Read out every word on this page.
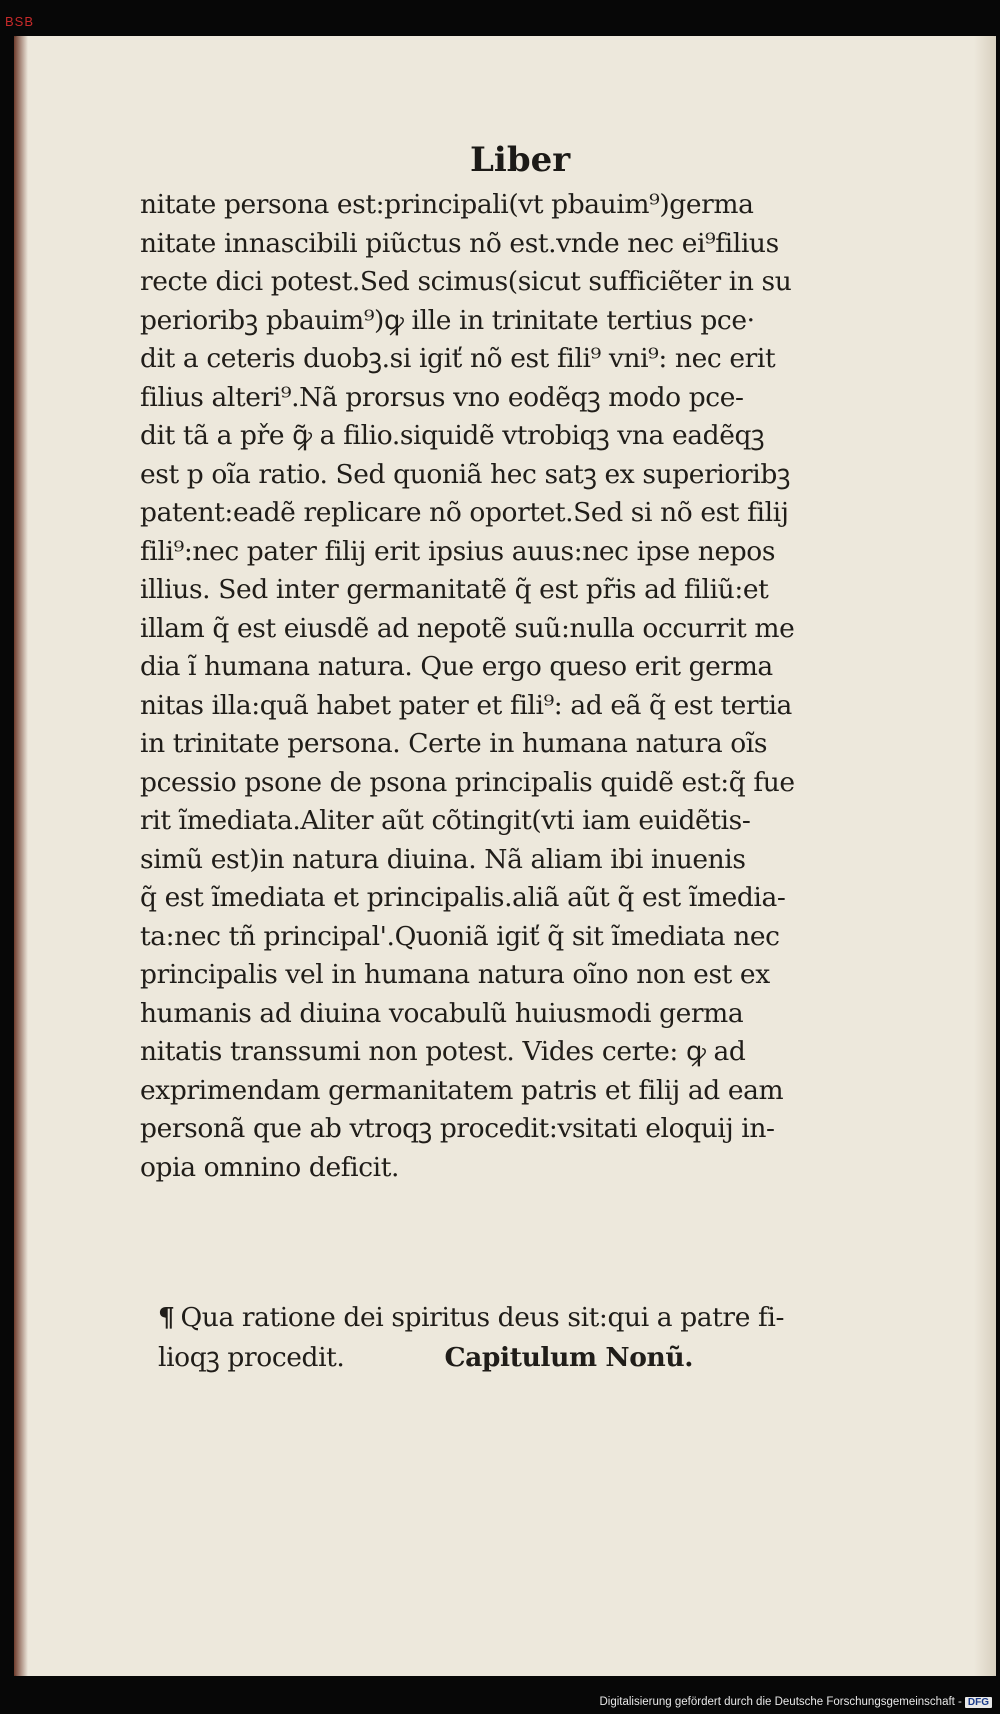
BSB
Liber
nitate persona est:principali(vt pbauim⁹)germa
nitate innascibili piũctus nõ est.vnde nec ei⁹filius
recte dici potest.Sed scimus(sicut sufficiẽter in su
perioribꝫ pbauim⁹)ꝙ ille in trinitate tertius pce·
dit a ceteris duobꝫ.si igiť nõ est fili⁹ vni⁹: nec erit
filius alteri⁹.Nã prorsus vno eodẽqꝫ modo pce-
dit tã a pře ꝙ̃ a filio.siquidẽ vtrobiqꝫ vna eadẽqꝫ
est p oĩa ratio. Sed quoniã hec satꝫ ex superioribꝫ
patent:eadẽ replicare nõ oportet.Sed si nõ est filij
fili⁹:nec pater filij erit ipsius auus:nec ipse nepos
illius. Sed inter germanitatẽ q̃ est pr̃is ad filiũ:et
illam q̃ est eiusdẽ ad nepotẽ suũ:nulla occurrit me
dia ĩ humana natura. Que ergo queso erit germa
nitas illa:quã habet pater et fili⁹: ad eã q̃ est tertia
in trinitate persona. Certe in humana natura oĩs
pcessio psone de psona principalis quidẽ est:q̃ fue
rit ĩmediata.Aliter aũt cõtingit(vti iam euidẽtis-
simũ est)in natura diuina. Nã aliam ibi inuenis
q̃ est ĩmediata et principalis.aliã aũt q̃ est ĩmedia-
ta:nec tñ principal'.Quoniã igiť q̃ sit ĩmediata nec
principalis vel in humana natura oĩno non est ex
humanis ad diuina vocabulũ huiusmodi germa
nitatis transsumi non potest. Vides certe: ꝙ ad
exprimendam germanitatem patris et filij ad eam
personã que ab vtroqꝫ procedit:vsitati eloquij in-
opia omnino deficit.
¶ Qua ratione dei spiritus deus sit:qui a patre fi-
lioqꝫ procedit.	Capitulum Nonũ.
Digitalisierung gefördert durch die Deutsche Forschungsgemeinschaft - DFG
